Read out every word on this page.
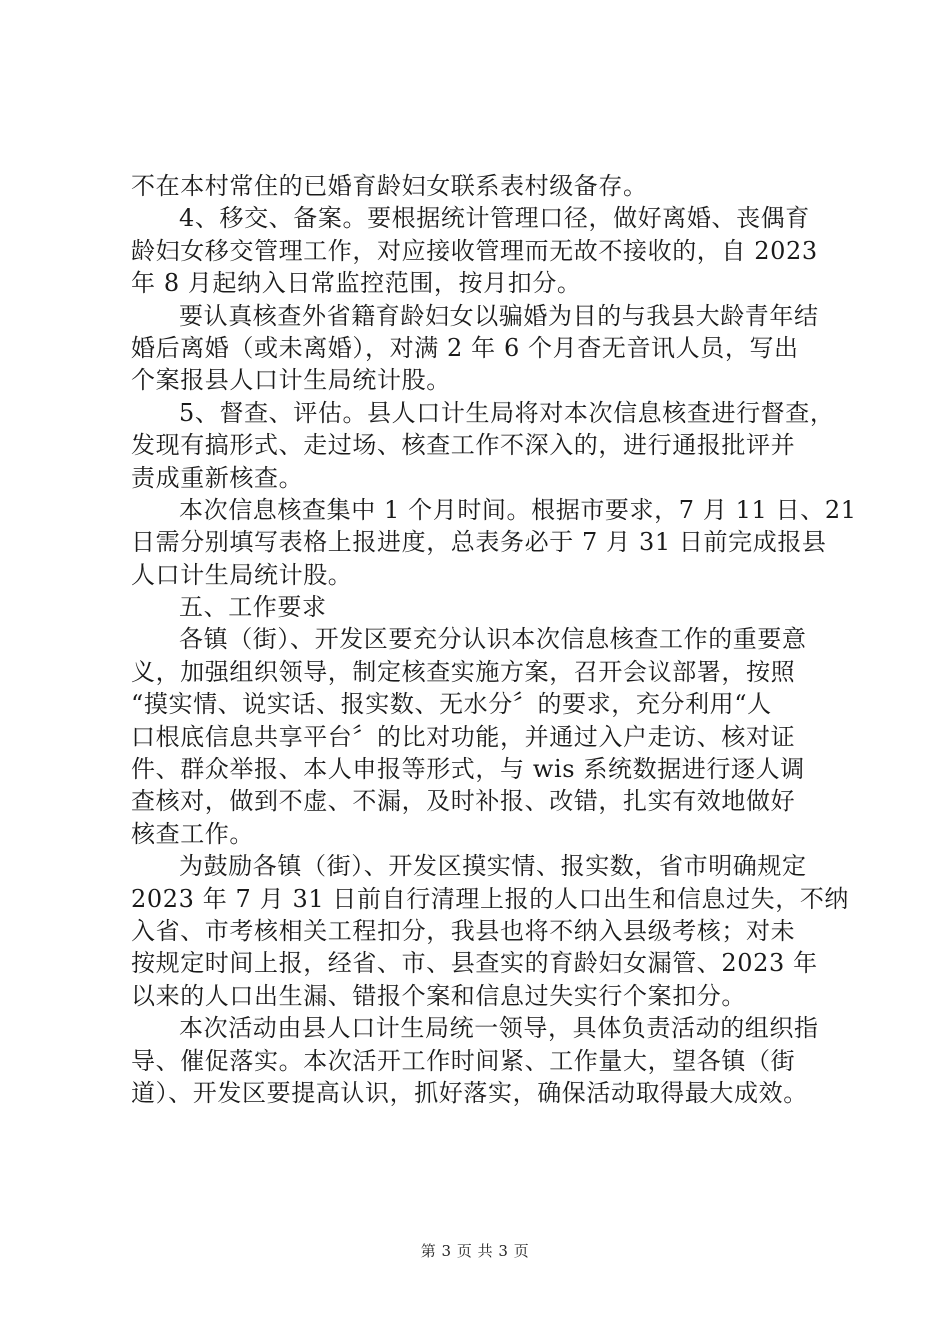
不在本村常住的已婚育龄妇女联系表村级备存。
4、移交、备案。要根据统计管理口径，做好离婚、丧偶育
龄妇女移交管理工作，对应接收管理而无故不接收的，自 2023
年 8 月起纳入日常监控范围，按月扣分。
要认真核查外省籍育龄妇女以骗婚为目的与我县大龄青年结
婚后离婚（或未离婚），对满 2 年 6 个月杳无音讯人员，写出
个案报县人口计生局统计股。
5、督查、评估。县人口计生局将对本次信息核查进行督查，
发现有搞形式、走过场、核查工作不深入的，进行通报批评并
责成重新核查。
本次信息核查集中 1 个月时间。根据市要求，7 月 11 日、21
日需分别填写表格上报进度，总表务必于 7 月 31 日前完成报县
人口计生局统计股。
五、工作要求
各镇（街）、开发区要充分认识本次信息核查工作的重要意
义，加强组织领导，制定核查实施方案，召开会议部署，按照
“摸实情、说实话、报实数、无水分〞的要求，充分利用“人
口根底信息共享平台〞的比对功能，并通过入户走访、核对证
件、群众举报、本人申报等形式，与 wis 系统数据进行逐人调
查核对，做到不虚、不漏，及时补报、改错，扎实有效地做好
核查工作。
为鼓励各镇（街）、开发区摸实情、报实数，省市明确规定
2023 年 7 月 31 日前自行清理上报的人口出生和信息过失，不纳
入省、市考核相关工程扣分，我县也将不纳入县级考核；对未
按规定时间上报，经省、市、县查实的育龄妇女漏管、2023 年
以来的人口出生漏、错报个案和信息过失实行个案扣分。
本次活动由县人口计生局统一领导，具体负责活动的组织指
导、催促落实。本次活开工作时间紧、工作量大，望各镇（街
道）、开发区要提高认识，抓好落实，确保活动取得最大成效。
第 3 页 共 3 页
